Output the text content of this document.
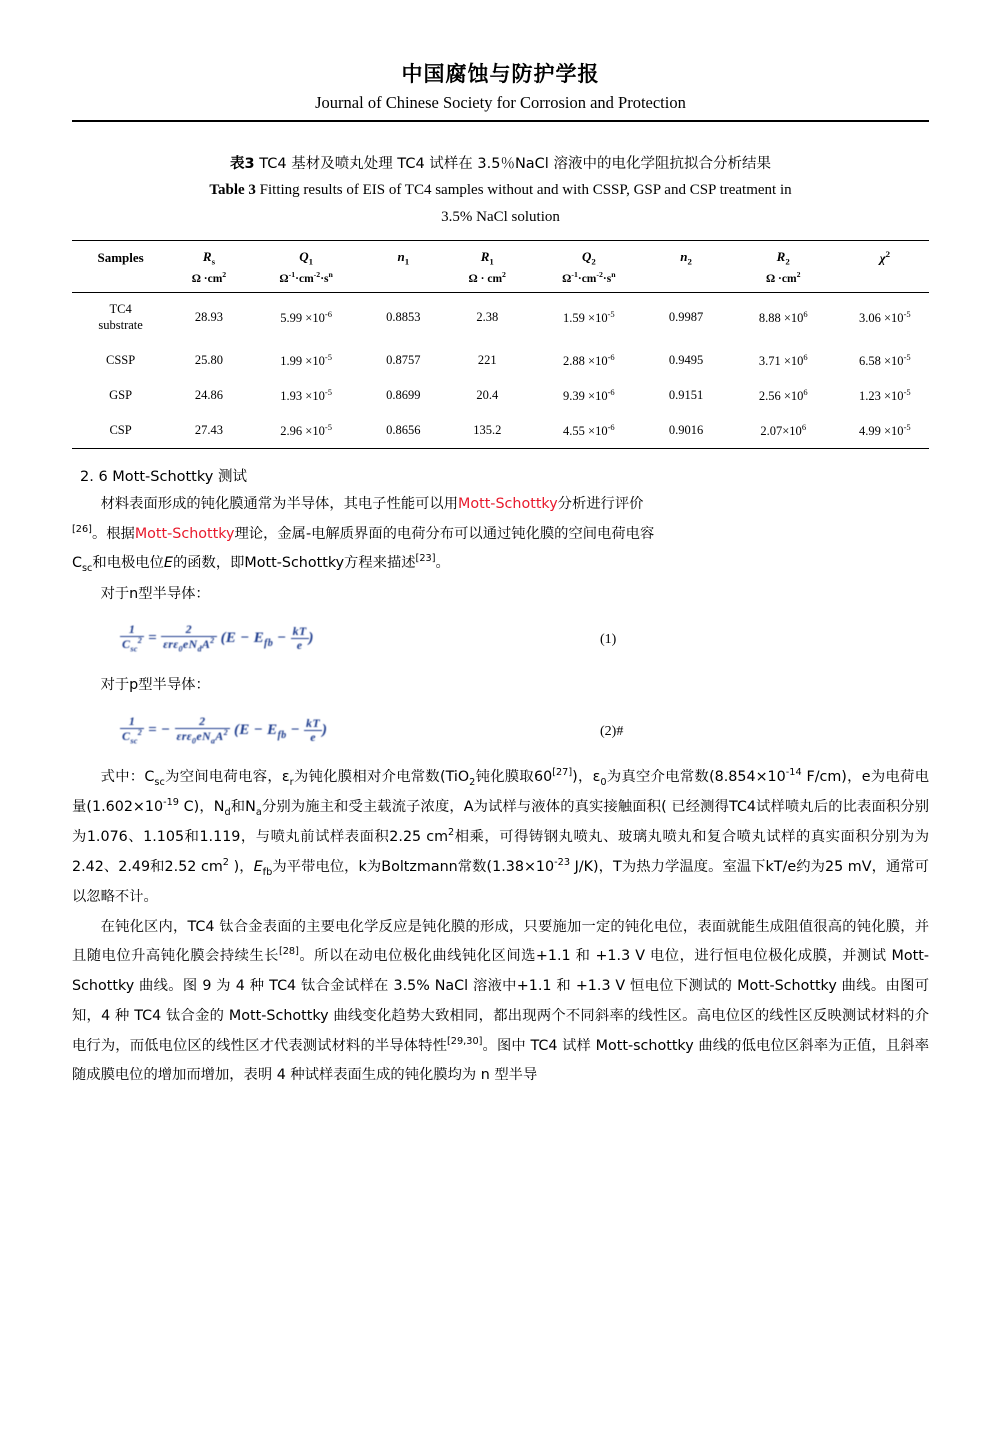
中国腐蚀与防护学报
Journal of Chinese Society for Corrosion and Protection
表3 TC4 基材及喷丸处理 TC4 试样在 3.5％NaCl 溶液中的电化学阻抗拟合分析结果
Table 3 Fitting results of EIS of TC4 samples without and with CSSP, GSP and CSP treatment in
3.5% NaCl solution
Samples	$R_s$	$Q_1$	$n_1$	$R_1$	$Q_2$	$n_2$	$R_2$	$\chi^2$
	$\Omega \cdot cm^2$	$\Omega^{-1}\cdot cm^{-2}\cdot s^n$		$\Omega \cdot cm^2$	$\Omega^{-1}\cdot cm^{-2}\cdot s^n$		$\Omega \cdot cm^2$	
TC4
substrate	28.93	$5.99 \times 10^{-6}$	0.8853	2.38	$1.59 \times 10^{-5}$	0.9987	$8.88 \times 10^6$	$3.06 \times 10^{-5}$
CSSP	25.80	$1.99 \times 10^{-5}$	0.8757	221	$2.88 \times 10^{-6}$	0.9495	$3.71 \times 10^6$	$6.58 \times 10^{-5}$
GSP	24.86	$1.93 \times 10^{-5}$	0.8699	20.4	$9.39 \times 10^{-6}$	0.9151	$2.56 \times 10^6$	$1.23 \times 10^{-5}$
CSP	27.43	$2.96 \times 10^{-5}$	0.8656	135.2	$4.55 \times 10^{-6}$	0.9016	$2.07\times 10^6$	$4.99 \times 10^{-5}$
2. 6 Mott-Schottky 测试

材料表面形成的钝化膜通常为半导体，其电子性能可以用Mott-Schottky分析进行评价

[26]。根据Mott-Schottky理论，金属-电解质界面的电荷分布可以通过钝化膜的空间电荷电容

$C_{sc}$和电极电位E的函数，即Mott-Schottky方程来描述[23]。

对于n型半导体：

$\frac{1}{C_{sc}^2} = \frac{2}{\varepsilon r\varepsilon_0eN_dA^2} (E - E_{fb} - \frac{kT}{e}$ )	(1)

对于p型半导体：

$\frac{1}{C_{sc}^2}$ = − $\frac{2}{\varepsilon r\varepsilon_0eN_aA^2} (E - E_{fb} - \frac{kT}{e}$ )	(2)#

式中：$C_{sc}$为空间电荷电容，$\varepsilon_r$为钝化膜相对介电常数(TiO$_2$钝化膜取60[27])，$\varepsilon_0$为真空介电常数($8.854\times 10^{-14}$ F/cm)，e为电荷电量($1.602\times 10^{-19}$ C)，$N_d$和$N_a$分别为施主和受主载流子浓度，A为试样与液体的真实接触面积( 已经测得TC4试样喷丸后的比表面积分别为1.076、1.105和1.119，与喷丸前试样表面积2.25 $cm^2$相乘，可得铸钢丸喷丸、玻璃丸喷丸和复合喷丸试样的真实面积分别为为2.42、2.49和2.52 $cm^2$ )，$E_{fb}$为平带电位，k为Boltzmann常数($1.38\times 10^{-23}$ J/K)，T为热力学温度。室温下kT/e约为25 mV，通常可以忽略不计。

在钝化区内，TC4 钛合金表面的主要电化学反应是钝化膜的形成，只要施加一定的钝化电位，表面就能生成阻值很高的钝化膜，并且随电位升高钝化膜会持续生长[28]。所以在动电位极化曲线钝化区间选+1.1 和 +1.3 V 电位，进行恒电位极化成膜，并测试 Mott-Schottky 曲线。图 9 为 4 种 TC4 钛合金试样在 3.5% NaCl 溶液中+1.1 和 +1.3 V 恒电位下测试的 Mott-Schottky 曲线。由图可知，4 种 TC4 钛合金的 Mott-Schottky 曲线变化趋势大致相同，都出现两个不同斜率的线性区。高电位区的线性区反映测试材料的介电行为，而低电位区的线性区才代表测试材料的半导体特性[29,30]。图中 TC4 试样 Mott-schottky 曲线的低电位区斜率为正值，且斜率随成膜电位的增加而增加，表明 4 种试样表面生成的钝化膜均为 n 型半导
